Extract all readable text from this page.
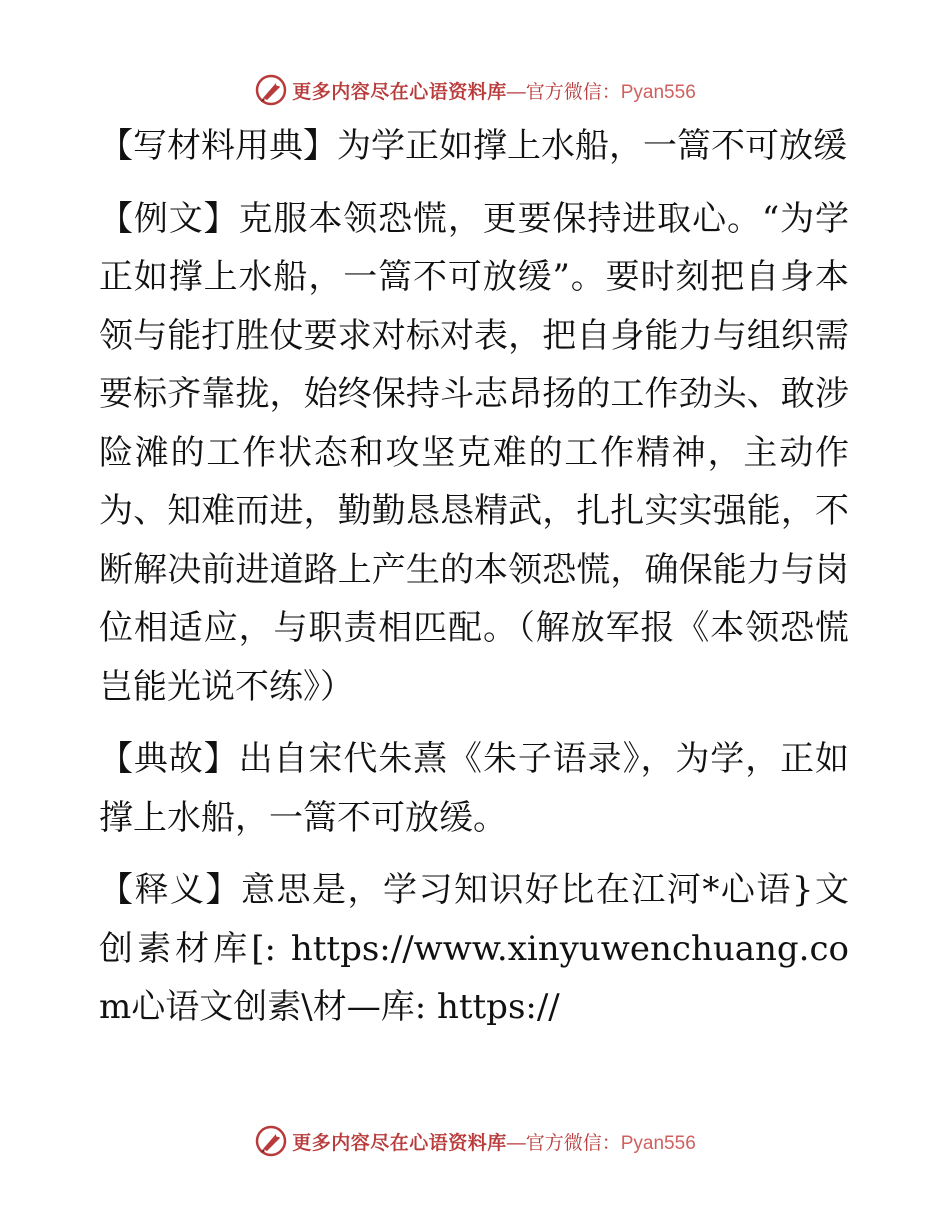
更多内容尽在心语资料库—官方微信：Pyan556

【写材料用典】为学正如撑上水船，一篙不可放缓

【例文】克服本领恐慌，更要保持进取心。“为学正如撑上水船，一篙不可放缓”。要时刻把自身本领与能打胜仗要求对标对表，把自身能力与组织需要标齐靠拢，始终保持斗志昂扬的工作劲头、敢涉险滩的工作状态和攻坚克难的工作精神，主动作为、知难而进，勤勤恳恳精武，扎扎实实强能，不断解决前进道路上产生的本领恐慌，确保能力与岗位相适应，与职责相匹配。（解放军报《本领恐慌岂能光说不练》）

【典故】出自宋代朱熹《朱子语录》，为学，正如撑上水船，一篙不可放缓。

【释义】意思是，学习知识好比在江河*心语}文创素材库[: https://www.xinyuwenchuang.com心语文创素\材—库: https://

更多内容尽在心语资料库—官方微信：Pyan556
